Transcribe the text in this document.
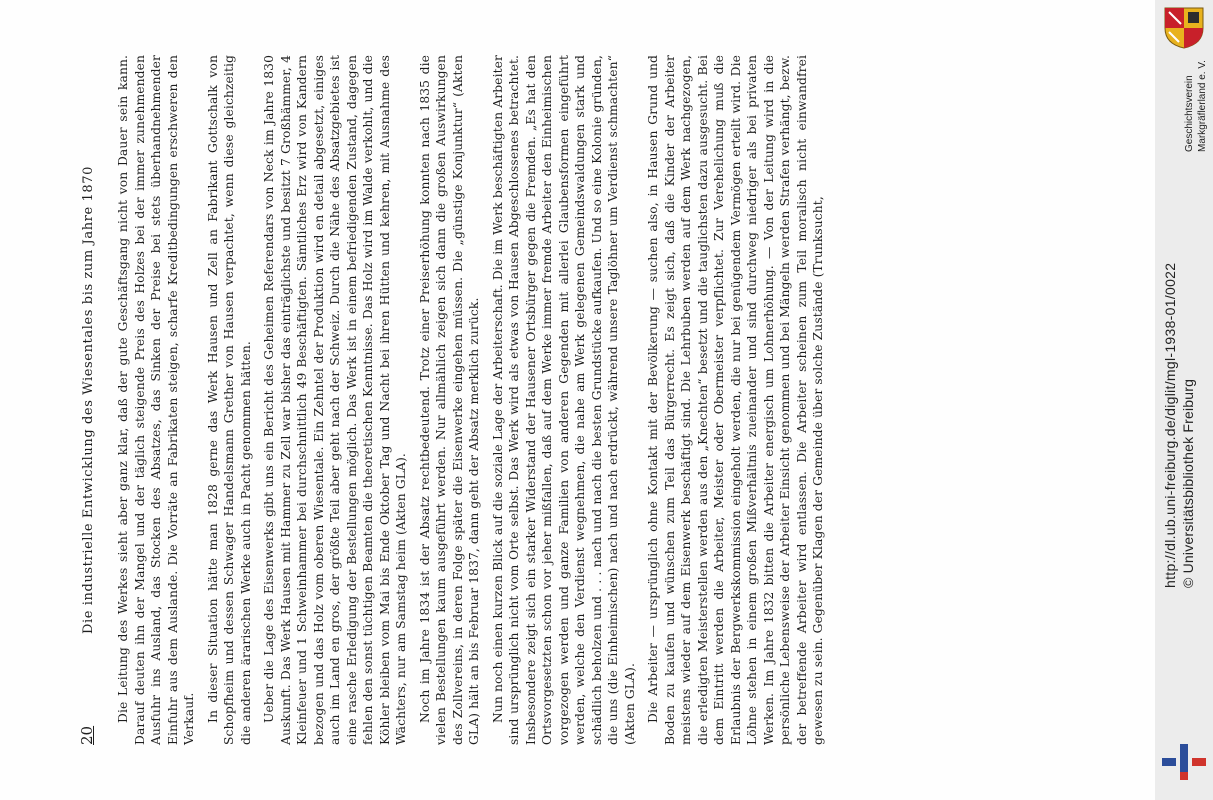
20
Die industrielle Entwicklung des Wiesentales bis zum Jahre 1870 Die Leitung des Werkes sieht aber ganz klar, daß der gute Geschäftsgang nicht von Dauer sein kann. Darauf deuten ihn der Mangel und der täglich steigende Preis des Holzes bei der immer zunehmenden Ausfuhr ins Ausland, das Stocken des Absatzes, das Sinken der Preise bei stets überhandnehmender Einfuhr aus dem Auslande. Die Vorräte an Fabrikaten steigen, scharfe Kreditbedingungen erschweren den Verkauf. In dieser Situation hätte man 1828 gerne das Werk Hausen und Zell an Fabrikant Gottschalk von Schopfheim und dessen Schwager Handelsmann Grether von Hausen verpachtet, wenn diese gleichzeitig die anderen ärarischen Werke auch in Pacht genommen hätten. Ueber die Lage des Eisenwerks gibt uns ein Bericht des Geheimen Referendars von Neck im Jahre 1830 Auskunft. Das Werk Hausen mit Hammer zu Zell war bisher das einträglichste und besitzt 7 Großhämmer, 4 Kleinfeuer und 1 Schweinhammer bei durchschnittlich 49 Beschäftigten. Sämtliches Erz wird von Kandern bezogen und das Holz vom oberen Wiesentale. Ein Zehntel der Produktion wird en detail abgesetzt, einiges auch im Land en gros, der größte Teil aber geht nach der Schweiz. Durch die Nähe des Absatzgebietes ist eine rasche Erledigung der Bestellungen möglich. Das Werk ist in einem befriedigenden Zustand, dagegen fehlen den sonst tüchtigen Beamten die theoretischen Kenntnisse. Das Holz wird im Walde verkohlt, und die Köhler bleiben vom Mai bis Ende Oktober Tag und Nacht bei ihren Hütten und kehren, mit Ausnahme des Wächters, nur am Samstag heim (Akten GLA). Noch im Jahre 1834 ist der Absatz rechtbedeutend. Trotz einer Preiserhöhung konnten nach 1835 die vielen Bestellungen kaum ausgeführt werden. Nur allmählich zeigen sich dann die großen Auswirkungen des Zollvereins, in deren Folge später die Eisenwerke eingehen müssen. Die „günstige Konjunktur“ (Akten GLA) hält an bis Februar 1837, dann geht der Absatz merklich zurück. Nun noch einen kurzen Blick auf die soziale Lage der Arbeiterschaft. Die im Werk beschäftigten Arbeiter sind ursprünglich nicht vom Orte selbst. Das Werk wird als etwas von Hausen Abgeschlossenes betrachtet. Insbesondere zeigt sich ein starker Widerstand der Hausener Ortsbürger gegen die Fremden. „Es hat den Ortsvorgesetzten schon vor jeher mißfallen, daß auf dem Werke immer fremde Arbeiter den Einheimischen vorgezogen werden und ganze Familien von anderen Gegenden mit allerlei Glaubensformen eingeführt werden, welche den Verdienst wegnehmen, die nahe am Werk gelegenen Gemeindswaldungen stark und schädlich beholzen und . . . nach und nach die besten Grundstücke aufkaufen. Und so eine Kolonie gründen, die uns (die Einheimischen) nach und nach erdrückt, während unsere Taglöhner um Verdienst schmachten“ (Akten GLA). Die Arbeiter — ursprünglich ohne Kontakt mit der Bevölkerung — suchen also, in Hausen Grund und Boden zu kaufen und wünschen zum Teil das Bürgerrecht. Es zeigt sich, daß die Kinder der Arbeiter meistens wieder auf dem Eisenwerk beschäftigt sind. Die Lehrbuben werden auf dem Werk nachgezogen, die erledigten Meisterstellen werden aus den „Knechten“ besetzt und die tauglichsten dazu ausgesucht. Bei dem Eintritt werden die Arbeiter, Meister oder Obermeister verpflichtet. Zur Verehelichung muß die Erlaubnis der Bergwerkskommission eingeholt werden, die nur bei genügendem Vermögen erteilt wird. Die Löhne stehen in einem großen Mißverhältnis zueinander und sind durchweg niedriger als bei privaten Werken. Im Jahre 1832 bitten die Arbeiter energisch um Lohnerhöhung. — Von der Leitung wird in die persönliche Lebensweise der Arbeiter Einsicht genommen und bei Mängeln werden Strafen verhängt, bezw. der betreffende Arbeiter wird entlassen. Die Arbeiter scheinen zum Teil moralisch nicht einwandfrei gewesen zu sein. Gegenüber Klagen der Gemeinde über solche Zustände (Trunksucht,

Geschichtsverein Markgräflerland e. V.
http://dl.ub.uni-freiburg.de/diglit/mgl-1938-01/0022 © Universitätsbibliothek Freiburg
